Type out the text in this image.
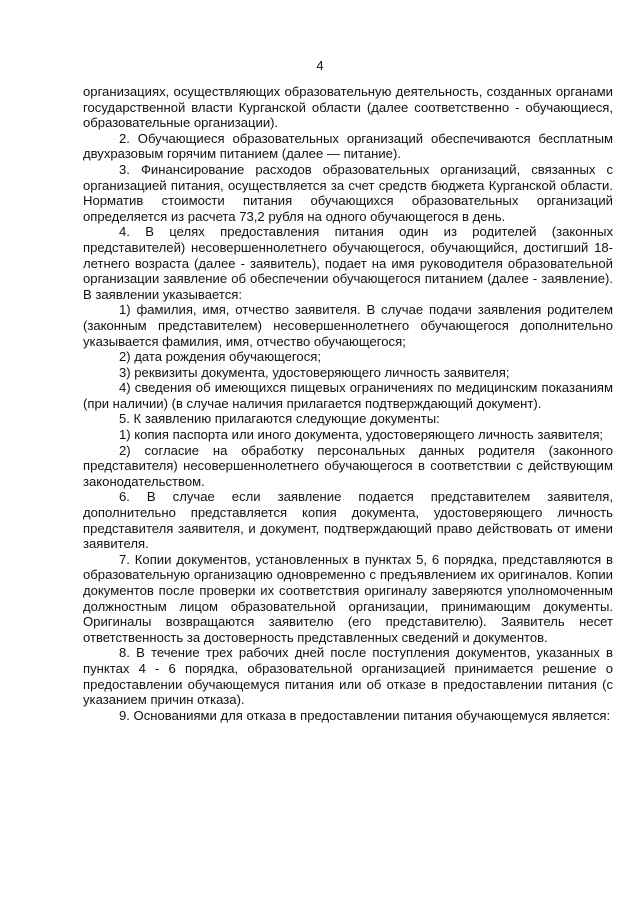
4

организациях, осуществляющих образовательную деятельность, созданных органами государственной власти Курганской области (далее соответственно - обучающиеся, образовательные организации).

2. Обучающиеся образовательных организаций обеспечиваются бесплатным двухразовым горячим питанием (далее — питание).

3. Финансирование расходов образовательных организаций, связанных с организацией питания, осуществляется за счет средств бюджета Курганской области. Норматив стоимости питания обучающихся образовательных организаций определяется из расчета 73,2 рубля на одного обучающегося в день.

4. В целях предоставления питания один из родителей (законных представителей) несовершеннолетнего обучающегося, обучающийся, достигший 18-летнего возраста (далее - заявитель), подает на имя руководителя образовательной организации заявление об обеспечении обучающегося питанием (далее - заявление). В заявлении указывается:

1) фамилия, имя, отчество заявителя. В случае подачи заявления родителем (законным представителем) несовершеннолетнего обучающегося дополнительно указывается фамилия, имя, отчество обучающегося;

2) дата рождения обучающегося;

3) реквизиты документа, удостоверяющего личность заявителя;

4) сведения об имеющихся пищевых ограничениях по медицинским показаниям (при наличии) (в случае наличия прилагается подтверждающий документ).

5. К заявлению прилагаются следующие документы:

1) копия паспорта или иного документа, удостоверяющего личность заявителя;

2) согласие на обработку персональных данных родителя (законного представителя) несовершеннолетнего обучающегося в соответствии с действующим законодательством.

6. В случае если заявление подается представителем заявителя, дополнительно представляется копия документа, удостоверяющего личность представителя заявителя, и документ, подтверждающий право действовать от имени заявителя.

7. Копии документов, установленных в пунктах 5, 6 порядка, представляются в образовательную организацию одновременно с предъявлением их оригиналов. Копии документов после проверки их соответствия оригиналу заверяются уполномоченным должностным лицом образовательной организации, принимающим документы. Оригиналы возвращаются заявителю (его представителю). Заявитель несет ответственность за достоверность представленных сведений и документов.

8. В течение трех рабочих дней после поступления документов, указанных в пунктах 4 - 6 порядка, образовательной организацией принимается решение о предоставлении обучающемуся питания или об отказе в предоставлении питания (с указанием причин отказа).

9. Основаниями для отказа в предоставлении питания обучающемуся является:
